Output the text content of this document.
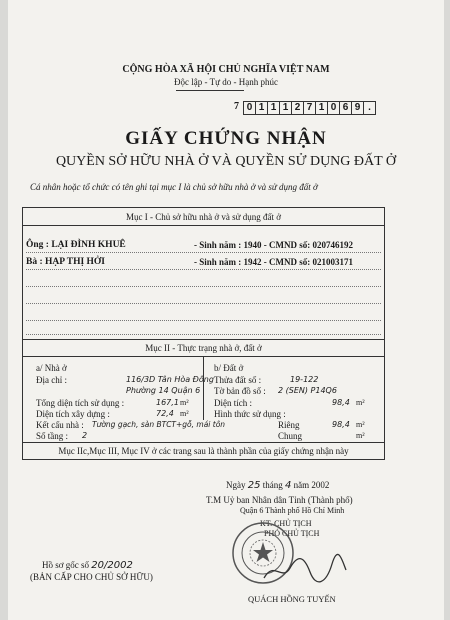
CỘNG HÒA XÃ HỘI CHỦ NGHĨA VIỆT NAM
Độc lập - Tự do - Hạnh phúc
7 0 1 1 1 2 7 1 0 6 9 .
GIẤY CHỨNG NHẬN
QUYỀN SỞ HỮU NHÀ Ở VÀ QUYỀN SỬ DỤNG ĐẤT Ở
Cá nhân hoặc tổ chức có tên ghi tại mục I là chủ sở hữu nhà ở và sử dụng đất ở
Mục I - Chủ sở hữu nhà ở và sử dụng đất ở
Ông : LẠI ĐÌNH KHUÊ	- Sinh năm : 1940 - CMND số: 020746192
Bà : HẠP THỊ HỞI	- Sinh năm : 1942 - CMND số: 021003171
Mục II - Thực trạng nhà ở, đất ở
a/ Nhà ở
Địa chỉ :	116/3D Tân Hòa Đông
Phường 14 Quận 6
Tổng diện tích sử dụng :	167,1 m²
Diện tích xây dựng :	72,4 m²
Kết cấu nhà : Tường gạch, sàn BTCT+gỗ, mái tôn
Số tầng : 2
b/ Đất ở
Thửa đất số :	19-122
Tờ bản đồ số : 2 (SEN) P14Q6
Diện tích :	98,4 m²
Hình thức sử dụng :
Riêng	98,4 m²
Chung	m²
Mục IIc,Mục III, Mục IV ở các trang sau là thành phần của giấy chứng nhận này
Ngày 25 tháng 4 năm 2002
T.M Uỷ ban Nhân dân Tỉnh (Thành phố)
Quận 6 Thành phố Hồ Chí Minh
KT. CHỦ TỊCH
PHÓ CHỦ TỊCH
QUÁCH HỒNG TUYẾN
Hồ sơ gốc số 20/2002
(BẢN CẤP CHO CHỦ SỞ HỮU)
